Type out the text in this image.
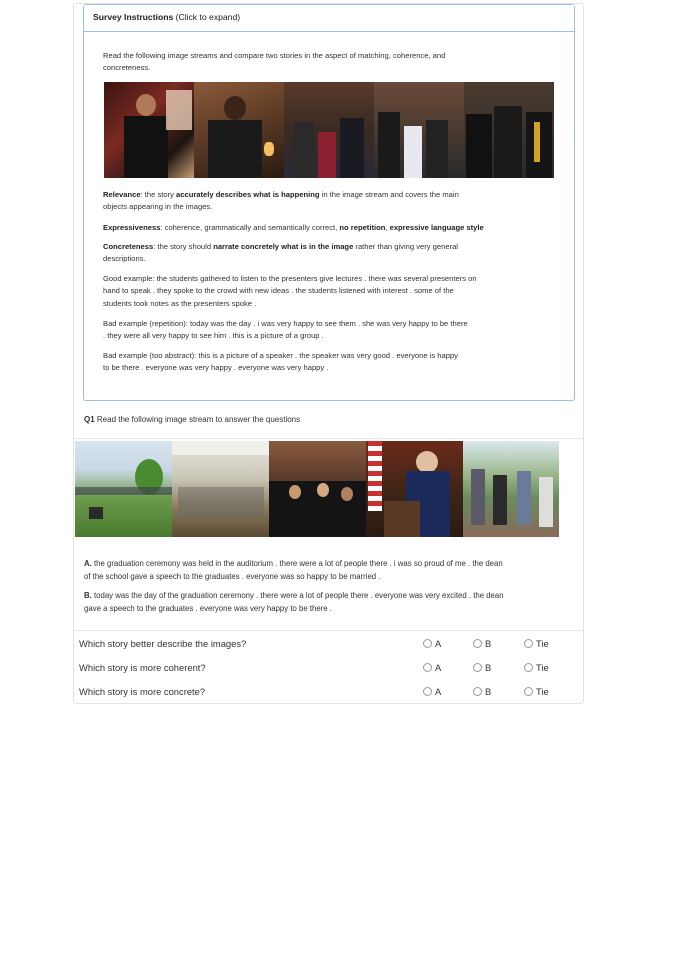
Survey Instructions (Click to expand)
Read the following image streams and compare two stories in the aspect of matching, coherence, and
concreteness.
Relevance: the story accurately describes what is happening in the image stream and covers the main
objects appearing in the images.
Expressiveness: coherence, grammatically and semantically correct, no repetition, expressive language style
Concreteness: the story should narrate concretely what is in the image rather than giving very general
descriptions.
Good example: the students gathered to listen to the presenters give lectures . there was several presenters on
hand to speak . they spoke to the crowd with new ideas . the students listened with interest . some of the
students took notes as the presenters spoke .
Bad example (repetition): today was the day . i was very happy to see them . she was very happy to be there
. they were all very happy to see him . this is a picture of a group .
Bad example (too abstract): this is a picture of a speaker . the speaker was very good . everyone is happy
to be there . everyone was very happy . everyone was very happy .
Q1 Read the following image stream to answer the questions
A. the graduation ceremony was held in the auditorium . there were a lot of people there . i was so proud of me . the dean
of the school gave a speech to the graduates . everyone was so happy to be married .
B. today was the day of the graduation ceremony . there were a lot of people there . everyone was very excited . the dean
gave a speech to the graduates . everyone was very happy to be there .
Which story better describe the images?	A	B	Tie
Which story is more coherent?	A	B	Tie
Which story is more concrete?	A	B	Tie
